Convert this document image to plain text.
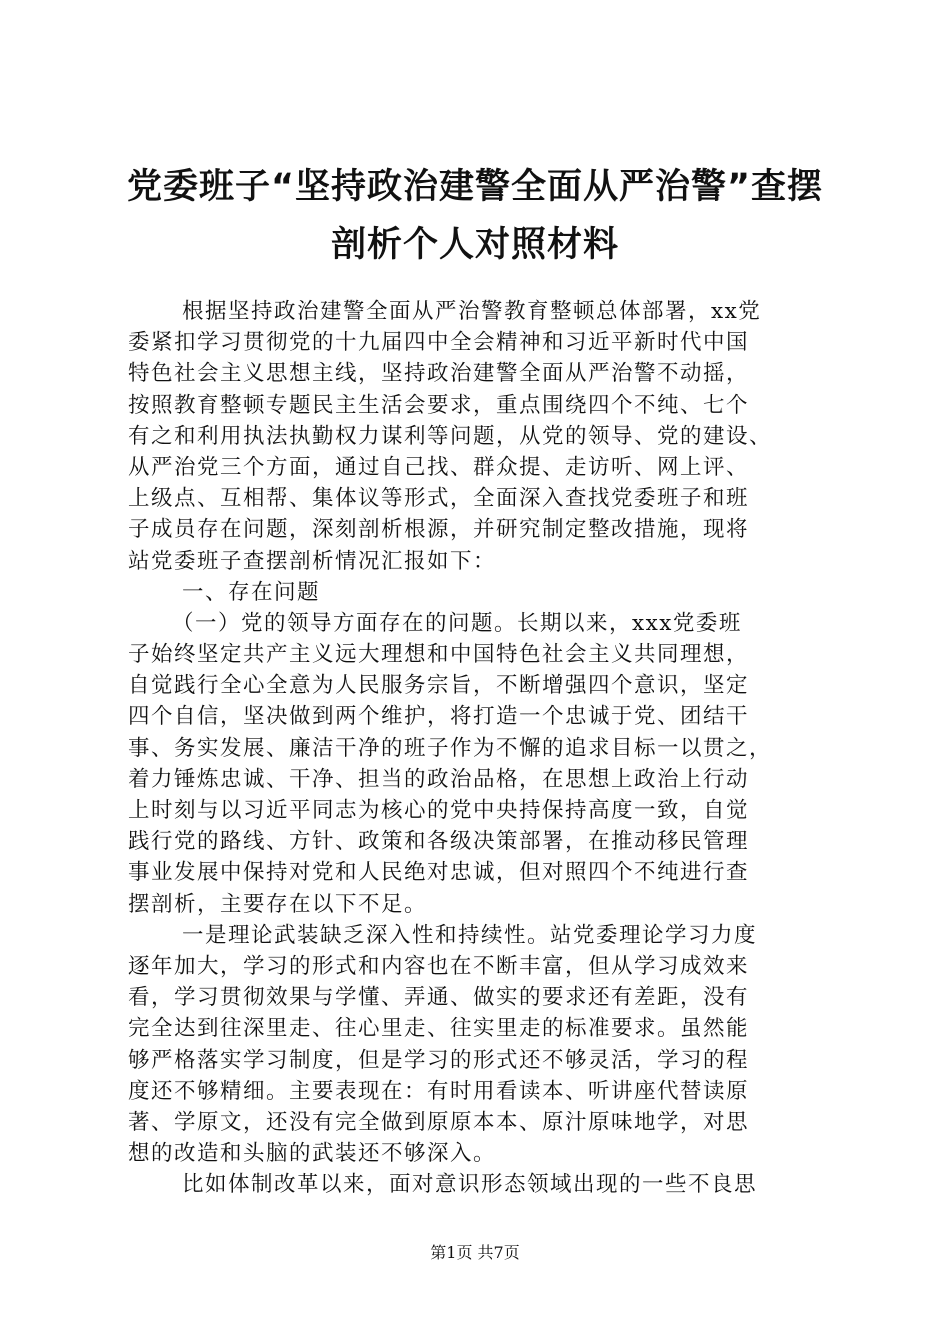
党委班子“坚持政治建警全面从严治警”查摆
剖析个人对照材料
根据坚持政治建警全面从严治警教育整顿总体部署，xx党
委紧扣学习贯彻党的十九届四中全会精神和习近平新时代中国
特色社会主义思想主线，坚持政治建警全面从严治警不动摇，
按照教育整顿专题民主生活会要求，重点围绕四个不纯、七个
有之和利用执法执勤权力谋利等问题，从党的领导、党的建设、
从严治党三个方面，通过自己找、群众提、走访听、网上评、
上级点、互相帮、集体议等形式，全面深入查找党委班子和班
子成员存在问题，深刻剖析根源，并研究制定整改措施，现将
站党委班子查摆剖析情况汇报如下：
一、存在问题
（一）党的领导方面存在的问题。长期以来，xxx党委班
子始终坚定共产主义远大理想和中国特色社会主义共同理想，
自觉践行全心全意为人民服务宗旨，不断增强四个意识，坚定
四个自信，坚决做到两个维护，将打造一个忠诚于党、团结干
事、务实发展、廉洁干净的班子作为不懈的追求目标一以贯之，
着力锤炼忠诚、干净、担当的政治品格，在思想上政治上行动
上时刻与以习近平同志为核心的党中央持保持高度一致，自觉
践行党的路线、方针、政策和各级决策部署，在推动移民管理
事业发展中保持对党和人民绝对忠诚，但对照四个不纯进行查
摆剖析，主要存在以下不足。
一是理论武装缺乏深入性和持续性。站党委理论学习力度
逐年加大，学习的形式和内容也在不断丰富，但从学习成效来
看，学习贯彻效果与学懂、弄通、做实的要求还有差距，没有
完全达到往深里走、往心里走、往实里走的标准要求。虽然能
够严格落实学习制度，但是学习的形式还不够灵活，学习的程
度还不够精细。主要表现在：有时用看读本、听讲座代替读原
著、学原文，还没有完全做到原原本本、原汁原味地学，对思
想的改造和头脑的武装还不够深入。
比如体制改革以来，面对意识形态领域出现的一些不良思
第1页 共7页
